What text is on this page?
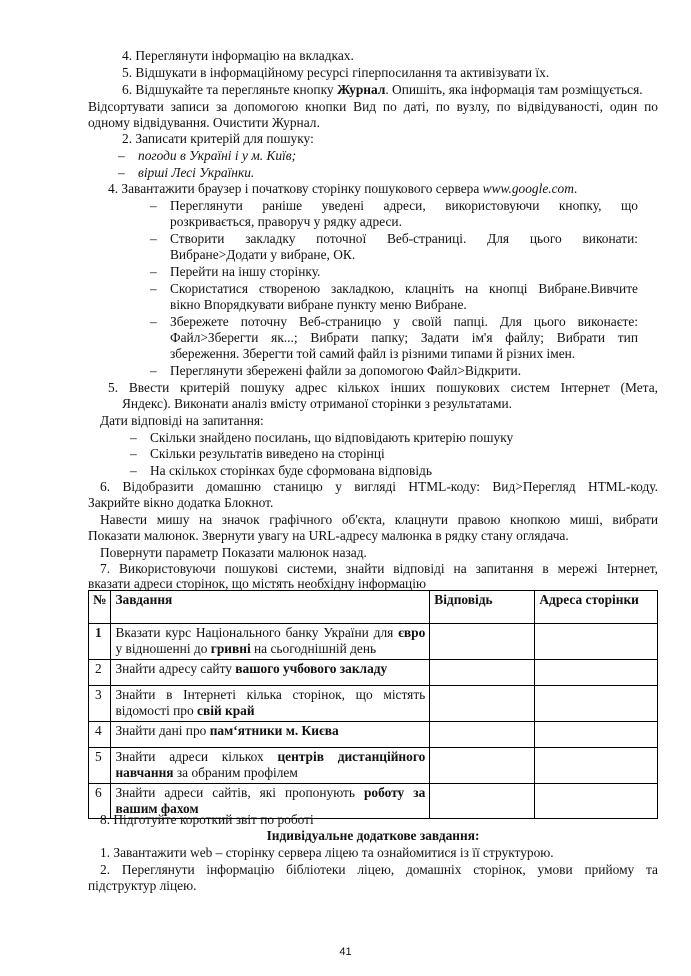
4. Переглянути інформацію на вкладках.
5. Відшукати в інформаційному ресурсі гіперпосилання та активізувати їх.
6. Відшукайте та перегляньте кнопку Журнал. Опишіть, яка інформація там розміщується.
Відсортувати записи за допомогою кнопки Вид по даті, по вузлу, по відвідуваності, один по
одному відвідування. Очистити Журнал.
2. Записати критерій для пошуку:
– погоди в Україні і у м. Київ;
– вірші Лесі Українки.
4. Завантажити браузер і початкову сторінку пошукового сервера www.google.com.
– Переглянути раніше уведені адреси, використовуючи кнопку, що
розкривається, праворуч у рядку адреси.
– Створити закладку поточної Веб-страниці. Для цього виконати:
Вибране>Додати у вибране, ОК.
– Перейти на іншу сторінку.
– Скористатися створеною закладкою, клацніть на кнопці Вибране.Вивчите
вікно Впорядкувати вибране пункту меню Вибране.
– Збережете поточну Веб-страницю у своїй папці. Для цього виконаєте:
Файл>Зберегти як...; Вибрати папку; Задати ім'я файлу; Вибрати тип
збереження. Зберегти той самий файл із різними типами й різних імен.
– Переглянути збережені файли за допомогою Файл>Відкрити.
5. Ввести критерій пошуку адрес кількох інших пошукових систем Інтернет (Мета,
Яндекс). Виконати аналіз вмісту отриманої сторінки з результатами.
Дати відповіді на запитання:
– Скільки знайдено посилань, що відповідають критерію пошуку
– Скільки результатів виведено на сторінці
– На скількох сторінках буде сформована відповідь
6. Відобразити домашню станицю у вигляді HTML-коду: Вид>Перегляд HTML-коду.
Закрийте вікно додатка Блокнот.
Навести мишу на значок графічного об'єкта, клацнути правою кнопкою миші, вибрати
Показати малюнок. Звернути увагу на URL-адресу малюнка в рядку стану оглядача.
Повернути параметр Показати малюнок назад.
7. Використовуючи пошукові системи, знайти відповіді на запитання в мережі Інтернет,
вказати адреси сторінок, що містять необхідну інформацію
№	Завдання	Відповідь	Адреса сторінки
1	Вказати курс Національного банку України для євро у відношенні до гривні на сьогоднішній день		
2	Знайти адресу сайту вашого учбового закладу		
3	Знайти в Інтернеті кілька сторінок, що містять відомості про свій край		
4	Знайти дані про пам‘ятники м. Києва		
5	Знайти адреси кількох центрів дистанційного навчання за обраним профілем		
6	Знайти адреси сайтів, які пропонують роботу за вашим фахом		
8. Підготуйте короткий звіт по роботі
Індивідуальне додаткове завдання:
1. Завантажити web – сторінку сервера ліцею та ознайомитися із її структурою.
2. Переглянути інформацію бібліотеки ліцею, домашніх сторінок, умови прийому та
підструктур ліцею.
41
